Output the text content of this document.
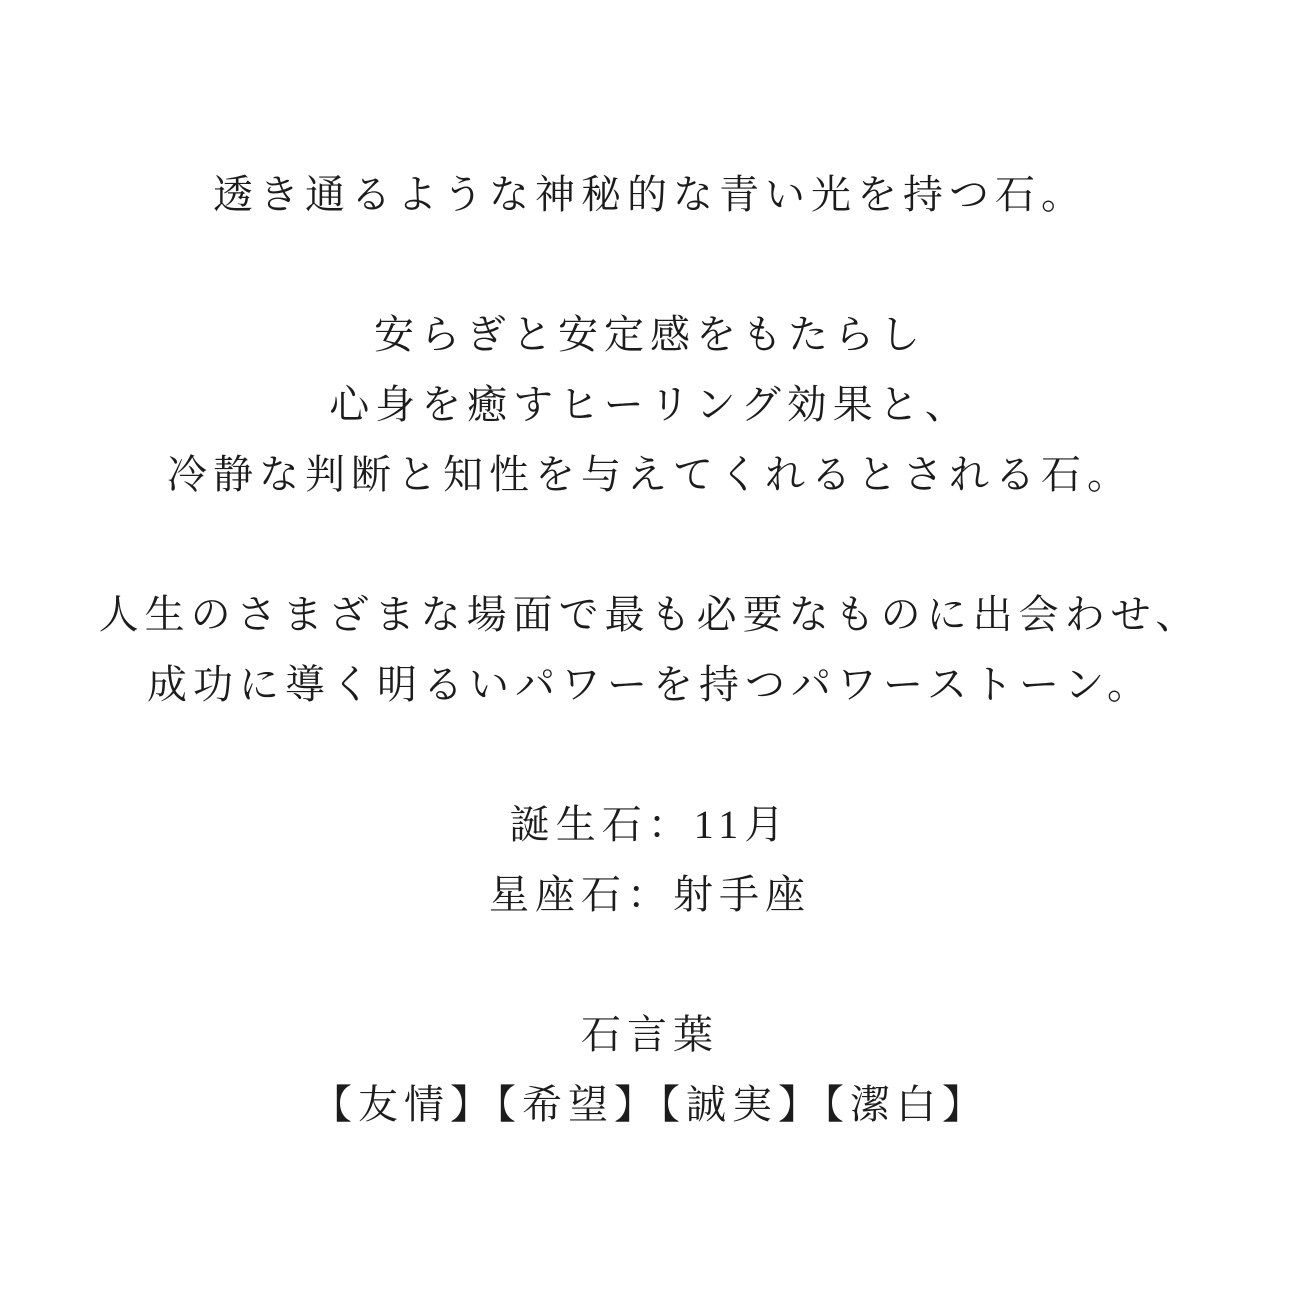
透き通るような神秘的な青い光を持つ石。
安らぎと安定感をもたらし
心身を癒すヒーリング効果と、
冷静な判断と知性を与えてくれるとされる石。
人生のさまざまな場面で最も必要なものに出会わせ、
成功に導く明るいパワーを持つパワーストーン。
誕生石：11月
星座石：射手座
石言葉
【友情】【希望】【誠実】【潔白】
